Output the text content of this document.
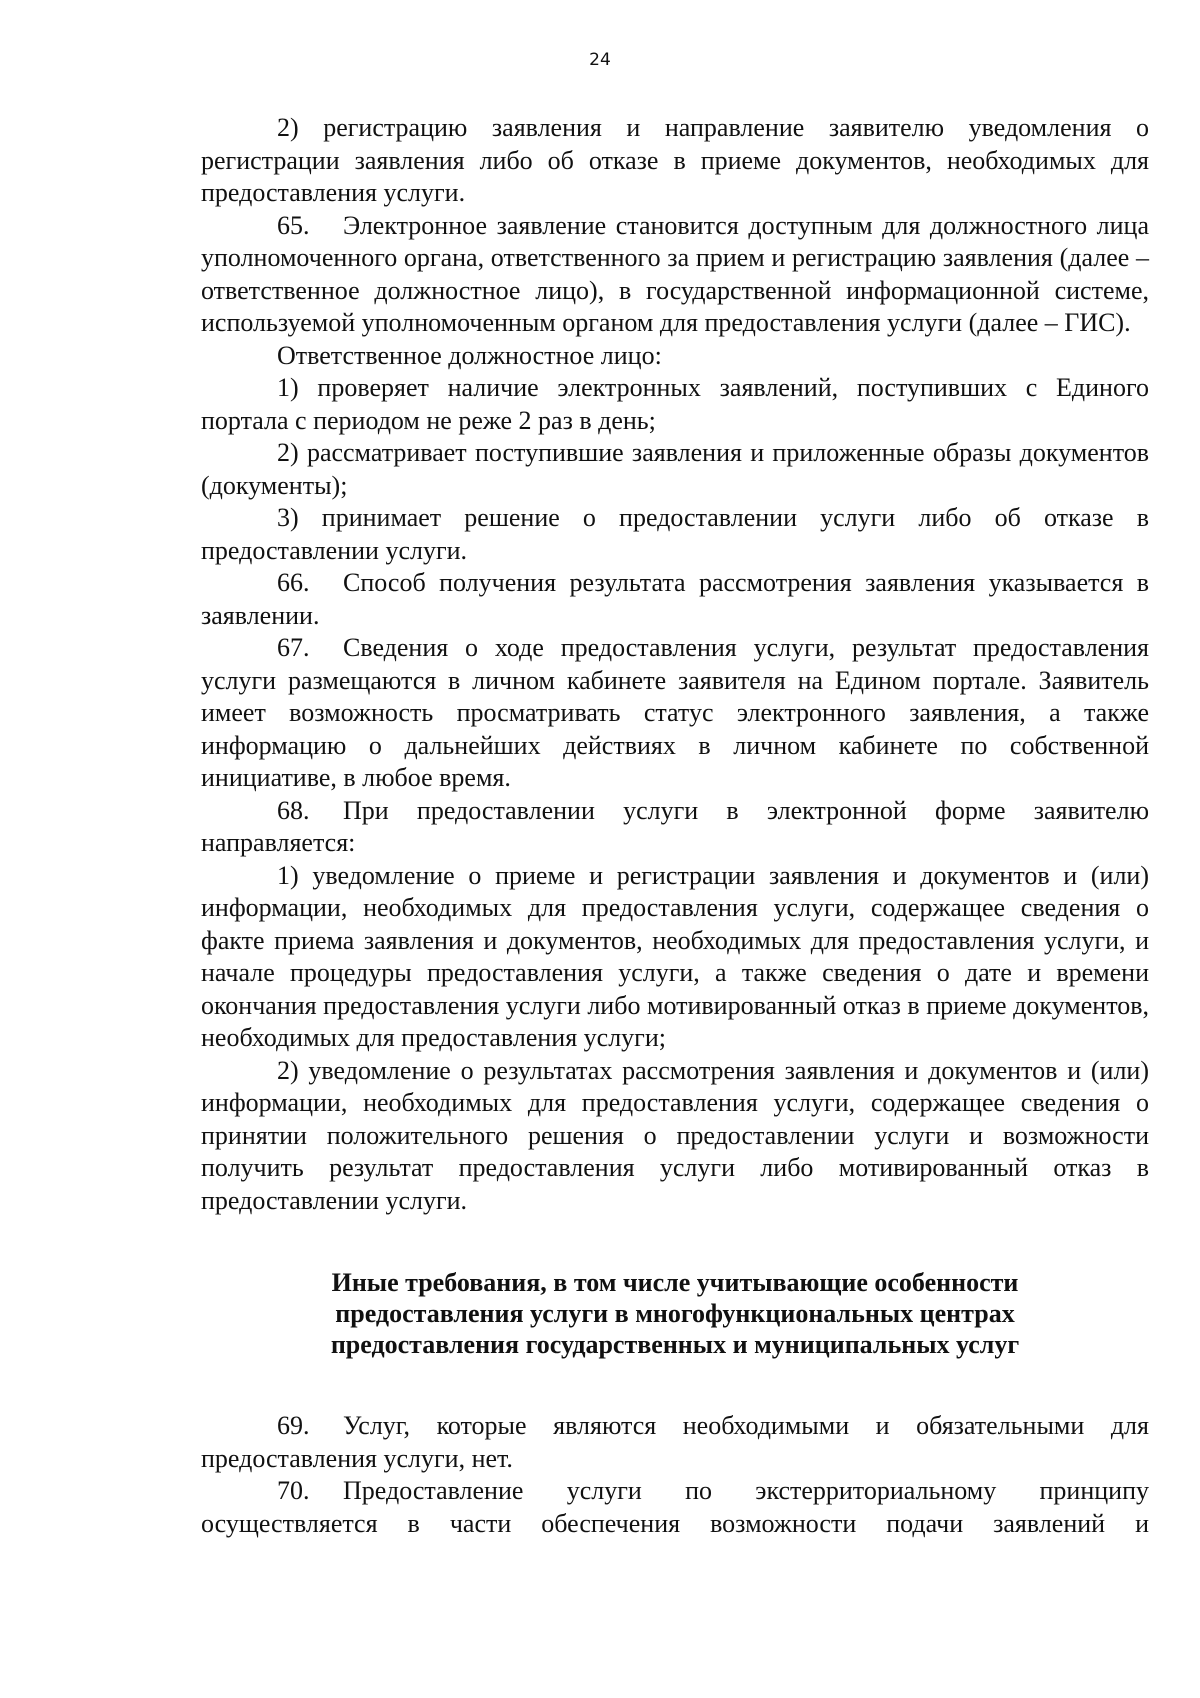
24

2) регистрацию заявления и направление заявителю уведомления о регистрации заявления либо об отказе в приеме документов, необходимых для предоставления услуги.

65. Электронное заявление становится доступным для должностного лица уполномоченного органа, ответственного за прием и регистрацию заявления (далее – ответственное должностное лицо), в государственной информационной системе, используемой уполномоченным органом для предоставления услуги (далее – ГИС).

Ответственное должностное лицо:

1) проверяет наличие электронных заявлений, поступивших с Единого портала с периодом не реже 2 раз в день;

2) рассматривает поступившие заявления и приложенные образы документов (документы);

3) принимает решение о предоставлении услуги либо об отказе в предоставлении услуги.

66. Способ получения результата рассмотрения заявления указывается в заявлении.

67. Сведения о ходе предоставления услуги, результат предоставления услуги размещаются в личном кабинете заявителя на Едином портале. Заявитель имеет возможность просматривать статус электронного заявления, а также информацию о дальнейших действиях в личном кабинете по собственной инициативе, в любое время.

68. При предоставлении услуги в электронной форме заявителю направляется:

1) уведомление о приеме и регистрации заявления и документов и (или) информации, необходимых для предоставления услуги, содержащее сведения о факте приема заявления и документов, необходимых для предоставления услуги, и начале процедуры предоставления услуги, а также сведения о дате и времени окончания предоставления услуги либо мотивированный отказ в приеме документов, необходимых для предоставления услуги;

2) уведомление о результатах рассмотрения заявления и документов и (или) информации, необходимых для предоставления услуги, содержащее сведения о принятии положительного решения о предоставлении услуги и возможности получить результат предоставления услуги либо мотивированный отказ в предоставлении услуги.

Иные требования, в том числе учитывающие особенности
предоставления услуги в многофункциональных центрах
предоставления государственных и муниципальных услуг

69. Услуг, которые являются необходимыми и обязательными для предоставления услуги, нет.

70. Предоставление услуги по экстерриториальному принципу осуществляется в части обеспечения возможности подачи заявлений и
